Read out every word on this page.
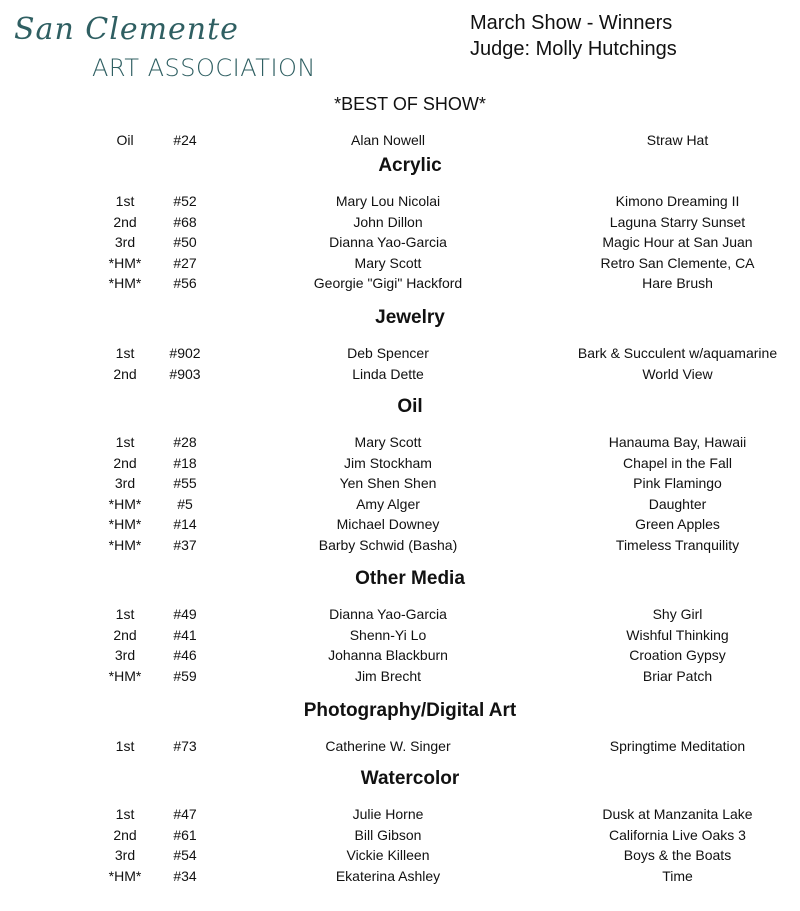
San Clemente
ART ASSOCIATION
March Show - Winners
Judge: Molly Hutchings
*BEST OF SHOW*
Oil	#24	Alan Nowell	Straw Hat
Acrylic
1st	#52	Mary Lou Nicolai	Kimono Dreaming II
2nd	#68	John Dillon	Laguna Starry Sunset
3rd	#50	Dianna Yao-Garcia	Magic Hour at San Juan
*HM*	#27	Mary Scott	Retro San Clemente, CA
*HM*	#56	Georgie "Gigi" Hackford	Hare Brush
Jewelry
1st	#902	Deb Spencer	Bark & Succulent w/aquamarine
2nd	#903	Linda Dette	World View
Oil
1st	#28	Mary Scott	Hanauma Bay, Hawaii
2nd	#18	Jim Stockham	Chapel in the Fall
3rd	#55	Yen Shen Shen	Pink Flamingo
*HM*	#5	Amy Alger	Daughter
*HM*	#14	Michael Downey	Green Apples
*HM*	#37	Barby Schwid (Basha)	Timeless Tranquility
Other Media
1st	#49	Dianna Yao-Garcia	Shy Girl
2nd	#41	Shenn-Yi Lo	Wishful Thinking
3rd	#46	Johanna Blackburn	Croation Gypsy
*HM*	#59	Jim Brecht	Briar Patch
Photography/Digital Art
1st	#73	Catherine W. Singer	Springtime Meditation
Watercolor
1st	#47	Julie Horne	Dusk at Manzanita Lake
2nd	#61	Bill Gibson	California Live Oaks 3
3rd	#54	Vickie Killeen	Boys & the Boats
*HM*	#34	Ekaterina Ashley	Time
